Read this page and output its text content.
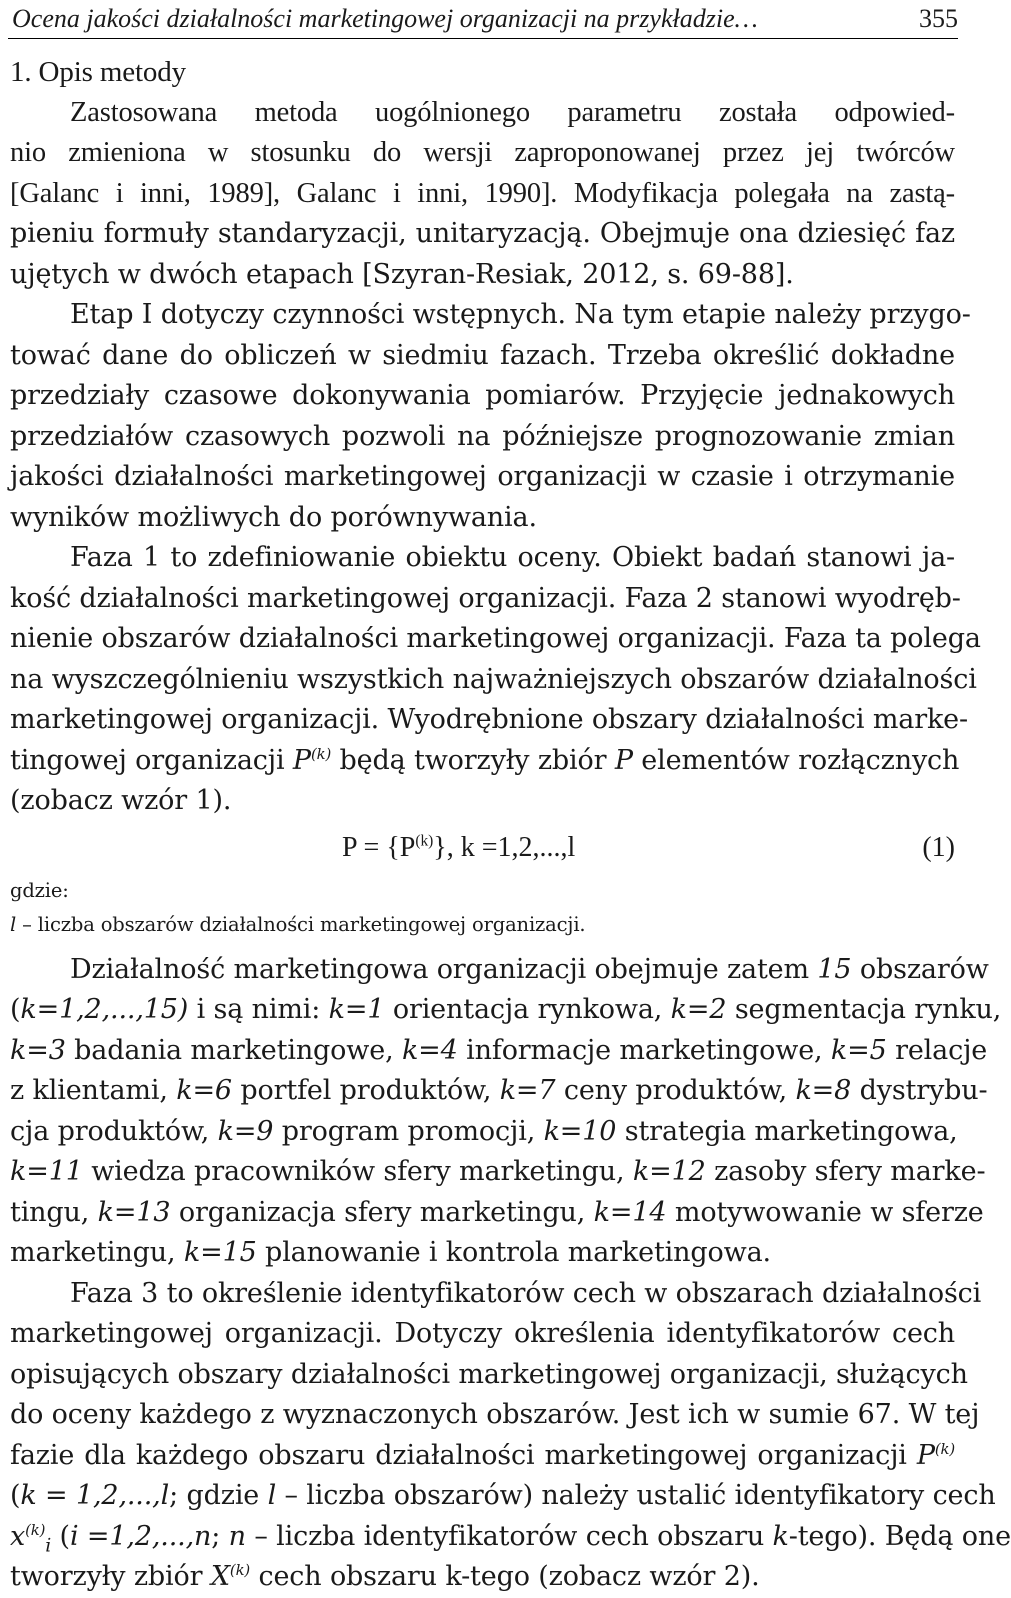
Ocena jakości działalności marketingowej organizacji na przykładzie…	355
1. Opis metody
Zastosowana metoda uogólnionego parametru została odpowied-
nio zmieniona w stosunku do wersji zaproponowanej przez jej twórców
[Galanc i inni, 1989], Galanc i inni, 1990]. Modyfikacja polegała na zastą-
pieniu formuły standaryzacji, unitaryzacją. Obejmuje ona dziesięć faz
ujętych w dwóch etapach [Szyran-Resiak, 2012, s. 69-88].
Etap I dotyczy czynności wstępnych. Na tym etapie należy przygo-
tować dane do obliczeń w siedmiu fazach. Trzeba określić dokładne
przedziały czasowe dokonywania pomiarów. Przyjęcie jednakowych
przedziałów czasowych pozwoli na późniejsze prognozowanie zmian
jakości działalności marketingowej organizacji w czasie i otrzymanie
wyników możliwych do porównywania.
Faza 1 to zdefiniowanie obiektu oceny. Obiekt badań stanowi ja-
kość działalności marketingowej organizacji. Faza 2 stanowi wyodręb-
nienie obszarów działalności marketingowej organizacji. Faza ta polega
na wyszczególnieniu wszystkich najważniejszych obszarów działalności
marketingowej organizacji. Wyodrębnione obszary działalności marke-
tingowej organizacji $P^{(k)}$ będą tworzyły zbiór P elementów rozłącznych
(zobacz wzór 1).
$P = \{P^{(k)}\}$, k =1,2,...,l	(1)
gdzie:
l – liczba obszarów działalności marketingowej organizacji.
Działalność marketingowa organizacji obejmuje zatem 15 obszarów
(k=1,2,...,15) i są nimi: k=1 orientacja rynkowa, k=2 segmentacja rynku,
k=3 badania marketingowe, k=4 informacje marketingowe, k=5 relacje
z klientami, k=6 portfel produktów, k=7 ceny produktów, k=8 dystrybu-
cja produktów, k=9 program promocji, k=10 strategia marketingowa,
k=11 wiedza pracowników sfery marketingu, k=12 zasoby sfery marke-
tingu, k=13 organizacja sfery marketingu, k=14 motywowanie w sferze
marketingu, k=15 planowanie i kontrola marketingowa.
Faza 3 to określenie identyfikatorów cech w obszarach działalności
marketingowej organizacji. Dotyczy określenia identyfikatorów cech
opisujących obszary działalności marketingowej organizacji, służących
do oceny każdego z wyznaczonych obszarów. Jest ich w sumie 67. W tej
fazie dla każdego obszaru działalności marketingowej organizacji $P^{(k)}$
(k = 1,2,...,l; gdzie l – liczba obszarów) należy ustalić identyfikatory cech
$x^{(k)}_i$ (i =1,2,...,n; n – liczba identyfikatorów cech obszaru k-tego). Będą one
tworzyły zbiór $X^{(k)}$ cech obszaru k-tego (zobacz wzór 2).
